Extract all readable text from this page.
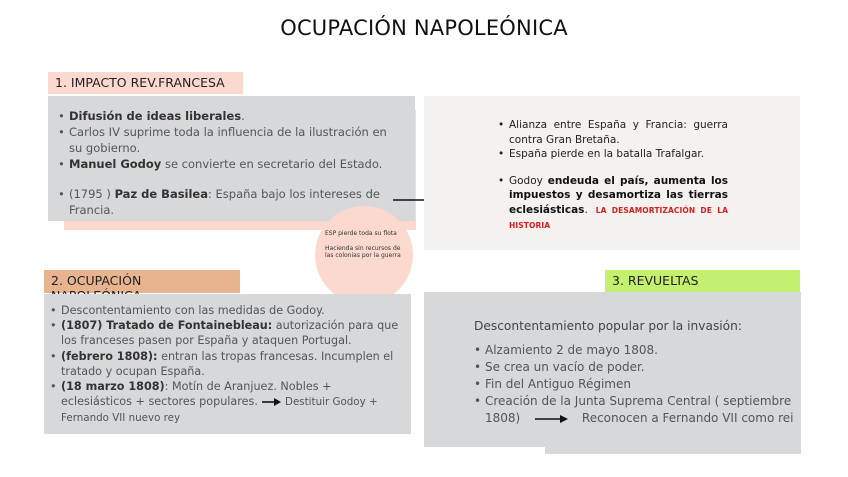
OCUPACIÓN NAPOLEÓNICA
1. IMPACTO REV.FRANCESA
• Difusión de ideas liberales.
• Carlos IV suprime toda la influencia de la ilustración en su gobierno.
• Manuel Godoy se convierte en secretario del Estado.
• (1795 ) Paz de Basilea: España bajo los intereses de Francia.
• Alianza entre España y Francia: guerra contra Gran Bretaña.
• España pierde en la batalla Trafalgar.
• Godoy endeuda el país, aumenta los impuestos y desamortiza las tierras eclesiásticas. LA DESAMORTIZACIÓN DE LA HISTORIA
ESP pierde toda su flota
Hacienda sin recursos de las colonias por la guerra
2. OCUPACIÓN
• Descontentamiento con las medidas de Godoy.
• (1807) Tratado de Fontainebleau: autorización para que los franceses pasen por España y ataquen Portugal.
• (febrero 1808): entran las tropas francesas. Incumplen el tratado y ocupan España.
• (18 marzo 1808): Motín de Aranjuez. Nobles + eclesiásticos + sectores populares.	Destituir Godoy + Fernando VII nuevo rey
3. REVUELTAS
Descontentamiento popular por la invasión:
• Alzamiento 2 de mayo 1808.
• Se crea un vacío de poder.
• Fin del Antiguo Régimen
• Creación de la Junta Suprema Central ( septiembre 1808)	Reconocen a Fernando VII como rei
